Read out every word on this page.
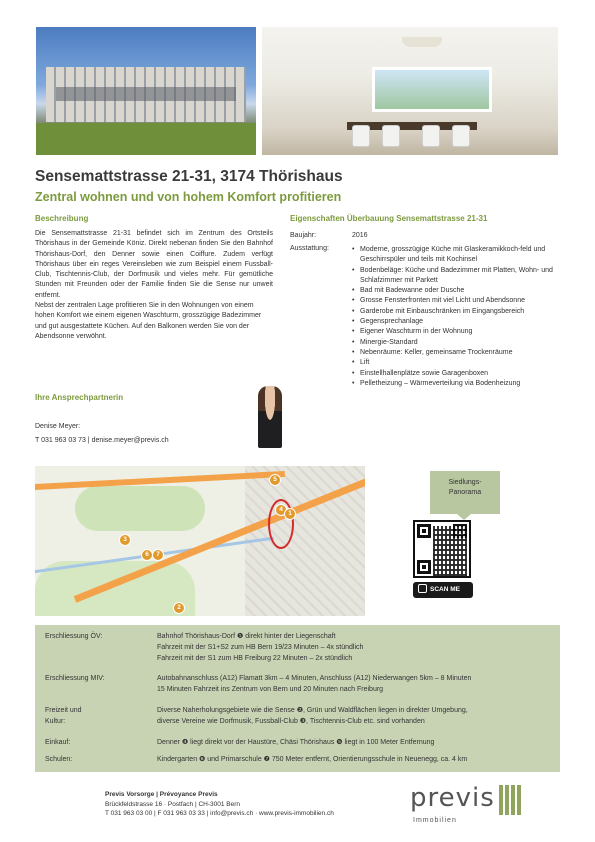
Sensemattstrasse 21-31, 3174 Thörishaus
Zentral wohnen und von hohem Komfort profitieren
Beschreibung

Die Sensemattstrasse 21-31 befindet sich im Zentrum des Ortsteils Thörishaus in der Gemeinde Köniz. Direkt nebenan finden Sie den Bahnhof Thörishaus-Dorf, den Denner sowie einen Coiffure. Zudem verfügt Thörishaus über ein reges Vereinsleben wie zum Beispiel einem Fussball-Club, Tischtennis-Club, der Dorfmusik und vieles mehr. Für gemütliche Stunden mit Freunden oder der Familie finden Sie die Sense nur unweit entfernt.

Nebst der zentralen Lage profitieren Sie in den Wohnungen von einem hohen Komfort wie einem eigenen Waschturm, grosszügige Badezimmer und gut ausgestattete Küchen. Auf den Balkonen werden Sie von der Abendsonne verwöhnt.

Eigenschaften Überbauung Sensemattstrasse 21-31
Baujahr:	2016
Ausstattung:
•	Moderne, grosszügige Küche mit Glaskeramikkoch-feld und Geschirrspüler und teils mit Kochinsel
• Bodenbeläge: Küche und Badezimmer mit Platten, Wohn- und Schlafzimmer mit Parkett
• Bad mit Badewanne oder Dusche
• Grosse Fensterfronten mit viel Licht und Abendsonne
• Garderobe mit Einbauschränken im Eingangsbereich
• Gegensprechanlage
• Eigener Waschturm in der Wohnung
• Minergie-Standard
• Nebenräume: Keller, gemeinsame Trockenräume
• Lift
• Einstellhallenplätze sowie Garagenboxen
• Pelletheizung – Wärmeverteilung via Bodenheizung
Ihre Ansprechpartnerin
Denise Meyer:
T 031 963 03 73 | denise.meyer@previs.ch
5
4
1
3
6	7
2
Siedlungs-
Panorama
SCAN ME
Erschliessung ÖV:	Bahnhof Thörishaus-Dorf ❶ direkt hinter der Liegenschaft
Fahrzeit mit der S1+S2 zum HB Bern 19/23 Minuten – 4x stündlich
Fahrzeit mit der S1 zum HB Freiburg 22 Minuten – 2x stündlich
Erschliessung MIV:	Autobahnanschluss (A12) Flamatt 3km – 4 Minuten, Anschluss (A12) Niederwangen 5km – 8 Minuten
15 Minuten Fahrzeit ins Zentrum von Bern und 20 Minuten nach Freiburg
Freizeit und
Kultur:
Diverse Naherholungsgebiete wie die Sense ❷, Grün und Waldflächen liegen in direkter Umgebung,
diverse Vereine wie Dorfmusik, Fussball-Club ❸, Tischtennis-Club etc. sind vorhanden
Einkauf:	Denner ❹ liegt direkt vor der Haustüre, Chäsi Thörishaus ❺ liegt in 100 Meter Entfernung
Schulen:	Kindergarten ❻ und Primarschule ❼ 750 Meter entfernt, Orientierungsschule in Neuenegg, ca. 4 km
Previs Vorsorge | Prévoyance Previs
Brückfeldstrasse 16 · Postfach | CH-3001 Bern
T 031 963 03 00 | F 031 963 03 33 | info@previs.ch · www.previs-immobilien.ch
previs
Immobilien
